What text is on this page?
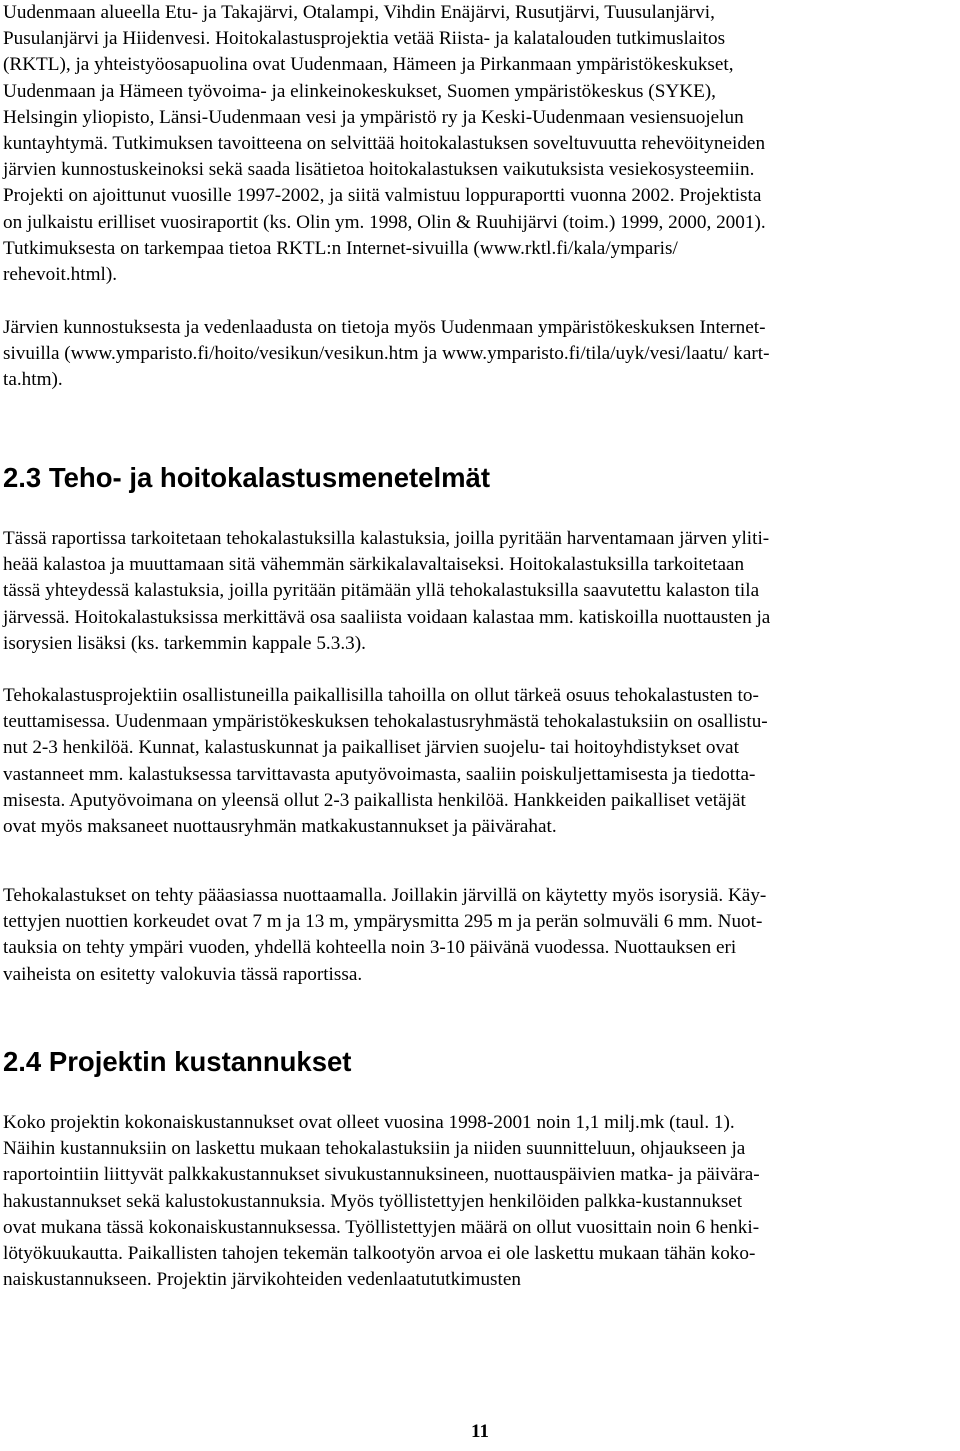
Uudenmaan alueella Etu- ja Takajärvi, Otalampi, Vihdin Enäjärvi, Rusutjärvi, Tuusulanjärvi,
Pusulanjärvi ja Hiidenvesi. Hoitokalastusprojektia vetää Riista- ja kalatalouden tutkimuslaitos
(RKTL), ja yhteistyöosapuolina ovat Uudenmaan, Hämeen ja Pirkanmaan ympäristökeskukset,
Uudenmaan ja Hämeen työvoima- ja elinkeinokeskukset, Suomen ympäristökeskus (SYKE),
Helsingin yliopisto, Länsi-Uudenmaan vesi ja ympäristö ry ja Keski-Uudenmaan vesiensuojelun
kuntayhtymä. Tutkimuksen tavoitteena on selvittää hoitokalastuksen soveltuvuutta rehevöityneiden
järvien kunnostuskeinoksi sekä saada lisätietoa hoitokalastuksen vaikutuksista vesiekosysteemiin.
Projekti on ajoittunut vuosille 1997-2002, ja siitä valmistuu loppuraportti vuonna 2002. Projektista
on julkaistu erilliset vuosiraportit (ks. Olin ym. 1998, Olin & Ruuhijärvi (toim.) 1999, 2000, 2001).
Tutkimuksesta on tarkempaa tietoa RKTL:n Internet-sivuilla (www.rktl.fi/kala/ymparis/
rehevoit.html).

Järvien kunnostuksesta ja vedenlaadusta on tietoja myös Uudenmaan ympäristökeskuksen Internet-
sivuilla (www.ymparisto.fi/hoito/vesikun/vesikun.htm ja www.ymparisto.fi/tila/uyk/vesi/laatu/ kart-
ta.htm).

2.3 Teho- ja hoitokalastusmenetelmät

Tässä raportissa tarkoitetaan tehokalastuksilla kalastuksia, joilla pyritään harventamaan järven yliti-
heää kalastoa ja muuttamaan sitä vähemmän särkikalavaltaiseksi. Hoitokalastuksilla tarkoitetaan
tässä yhteydessä kalastuksia, joilla pyritään pitämään yllä tehokalastuksilla saavutettu kalaston tila
järvessä. Hoitokalastuksissa merkittävä osa saaliista voidaan kalastaa mm. katiskoilla nuottausten ja
isorysien lisäksi (ks. tarkemmin kappale 5.3.3).

Tehokalastusprojektiin osallistuneilla paikallisilla tahoilla on ollut tärkeä osuus tehokalastusten to-
teuttamisessa. Uudenmaan ympäristökeskuksen tehokalastusryhmästä tehokalastuksiin on osallistu-
nut 2-3 henkilöä. Kunnat, kalastuskunnat ja paikalliset järvien suojelu- tai hoitoyhdistykset ovat
vastanneet mm. kalastuksessa tarvittavasta aputyövoimasta, saaliin poiskuljettamisesta ja tiedotta-
misesta. Aputyövoimana on yleensä ollut 2-3 paikallista henkilöä. Hankkeiden paikalliset vetäjät
ovat myös maksaneet nuottausryhmän matkakustannukset ja päivärahat.

Tehokalastukset on tehty pääasiassa nuottaamalla. Joillakin järvillä on käytetty myös isorysiä. Käy-
tettyjen nuottien korkeudet ovat 7 m ja 13 m, ympärysmitta 295 m ja perän solmuväli 6 mm. Nuot-
tauksia on tehty ympäri vuoden, yhdellä kohteella noin 3-10 päivänä vuodessa. Nuottauksen eri
vaiheista on esitetty valokuvia tässä raportissa.

2.4 Projektin kustannukset

Koko projektin kokonaiskustannukset ovat olleet vuosina 1998-2001 noin 1,1 milj.mk (taul. 1).
Näihin kustannuksiin on laskettu mukaan tehokalastuksiin ja niiden suunnitteluun, ohjaukseen ja
raportointiin liittyvät palkkakustannukset sivukustannuksineen, nuottauspäivien matka- ja päivära-
hakustannukset sekä kalustokustannuksia. Myös työllistettyjen henkilöiden palkka-kustannukset
ovat mukana tässä kokonaiskustannuksessa. Työllistettyjen määrä on ollut vuosittain noin 6 henki-
lötyökuukautta. Paikallisten tahojen tekemän talkootyön arvoa ei ole laskettu mukaan tähän koko-
naiskustannukseen. Projektin järvikohteiden vedenlaatututkimusten

11
